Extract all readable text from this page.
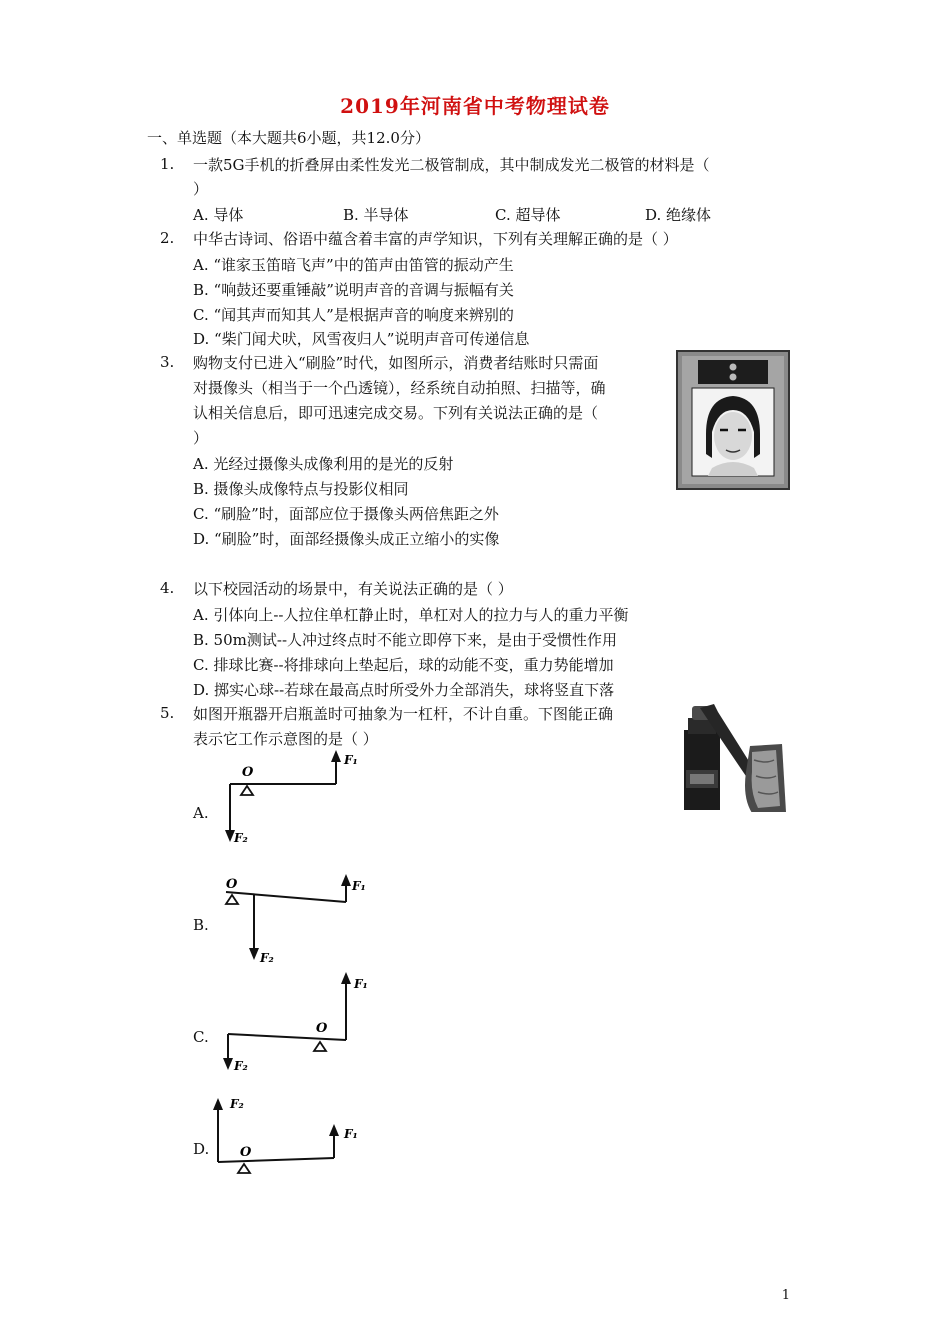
2019年河南省中考物理试卷
一、单选题（本大题共6小题，共12.0分）
1. 一款5G手机的折叠屏由柔性发光二极管制成，其中制成发光二极管的材料是（
）
A. 导体	B. 半导体	C. 超导体	D. 绝缘体
2. 中华古诗词、俗语中蕴含着丰富的声学知识，下列有关理解正确的是（ ）
A. “谁家玉笛暗飞声”中的笛声由笛管的振动产生
B. “响鼓还要重锤敲”说明声音的音调与振幅有关
C. “闻其声而知其人”是根据声音的响度来辨别的
D. “柴门闻犬吠，风雪夜归人”说明声音可传递信息
3. 购物支付已进入“刷脸”时代，如图所示，消费者结账时只需面
对摄像头（相当于一个凸透镜），经系统自动拍照、扫描等，确
认相关信息后，即可迅速完成交易。下列有关说法正确的是（
）
A. 光经过摄像头成像利用的是光的反射
B. 摄像头成像特点与投影仪相同
C. “刷脸”时，面部应位于摄像头两倍焦距之外
D. “刷脸”时，面部经摄像头成正立缩小的实像
4. 以下校园活动的场景中，有关说法正确的是（ ）
A. 引体向上--人拉住单杠静止时，单杠对人的拉力与人的重力平衡
B. 50m测试--人冲过终点时不能立即停下来，是由于受惯性作用
C. 排球比赛--将排球向上垫起后，球的动能不变，重力势能增加
D. 掷实心球--若球在最高点时所受外力全部消失，球将竖直下落
5. 如图开瓶器开启瓶盖时可抽象为一杠杆，不计自重。下图能正确
表示它工作示意图的是（ ）
A.
O
F₁
F₂
B.
O	F₁
F₂
C.	O
F₁
F₂
D. O
F₁
F₂
1
